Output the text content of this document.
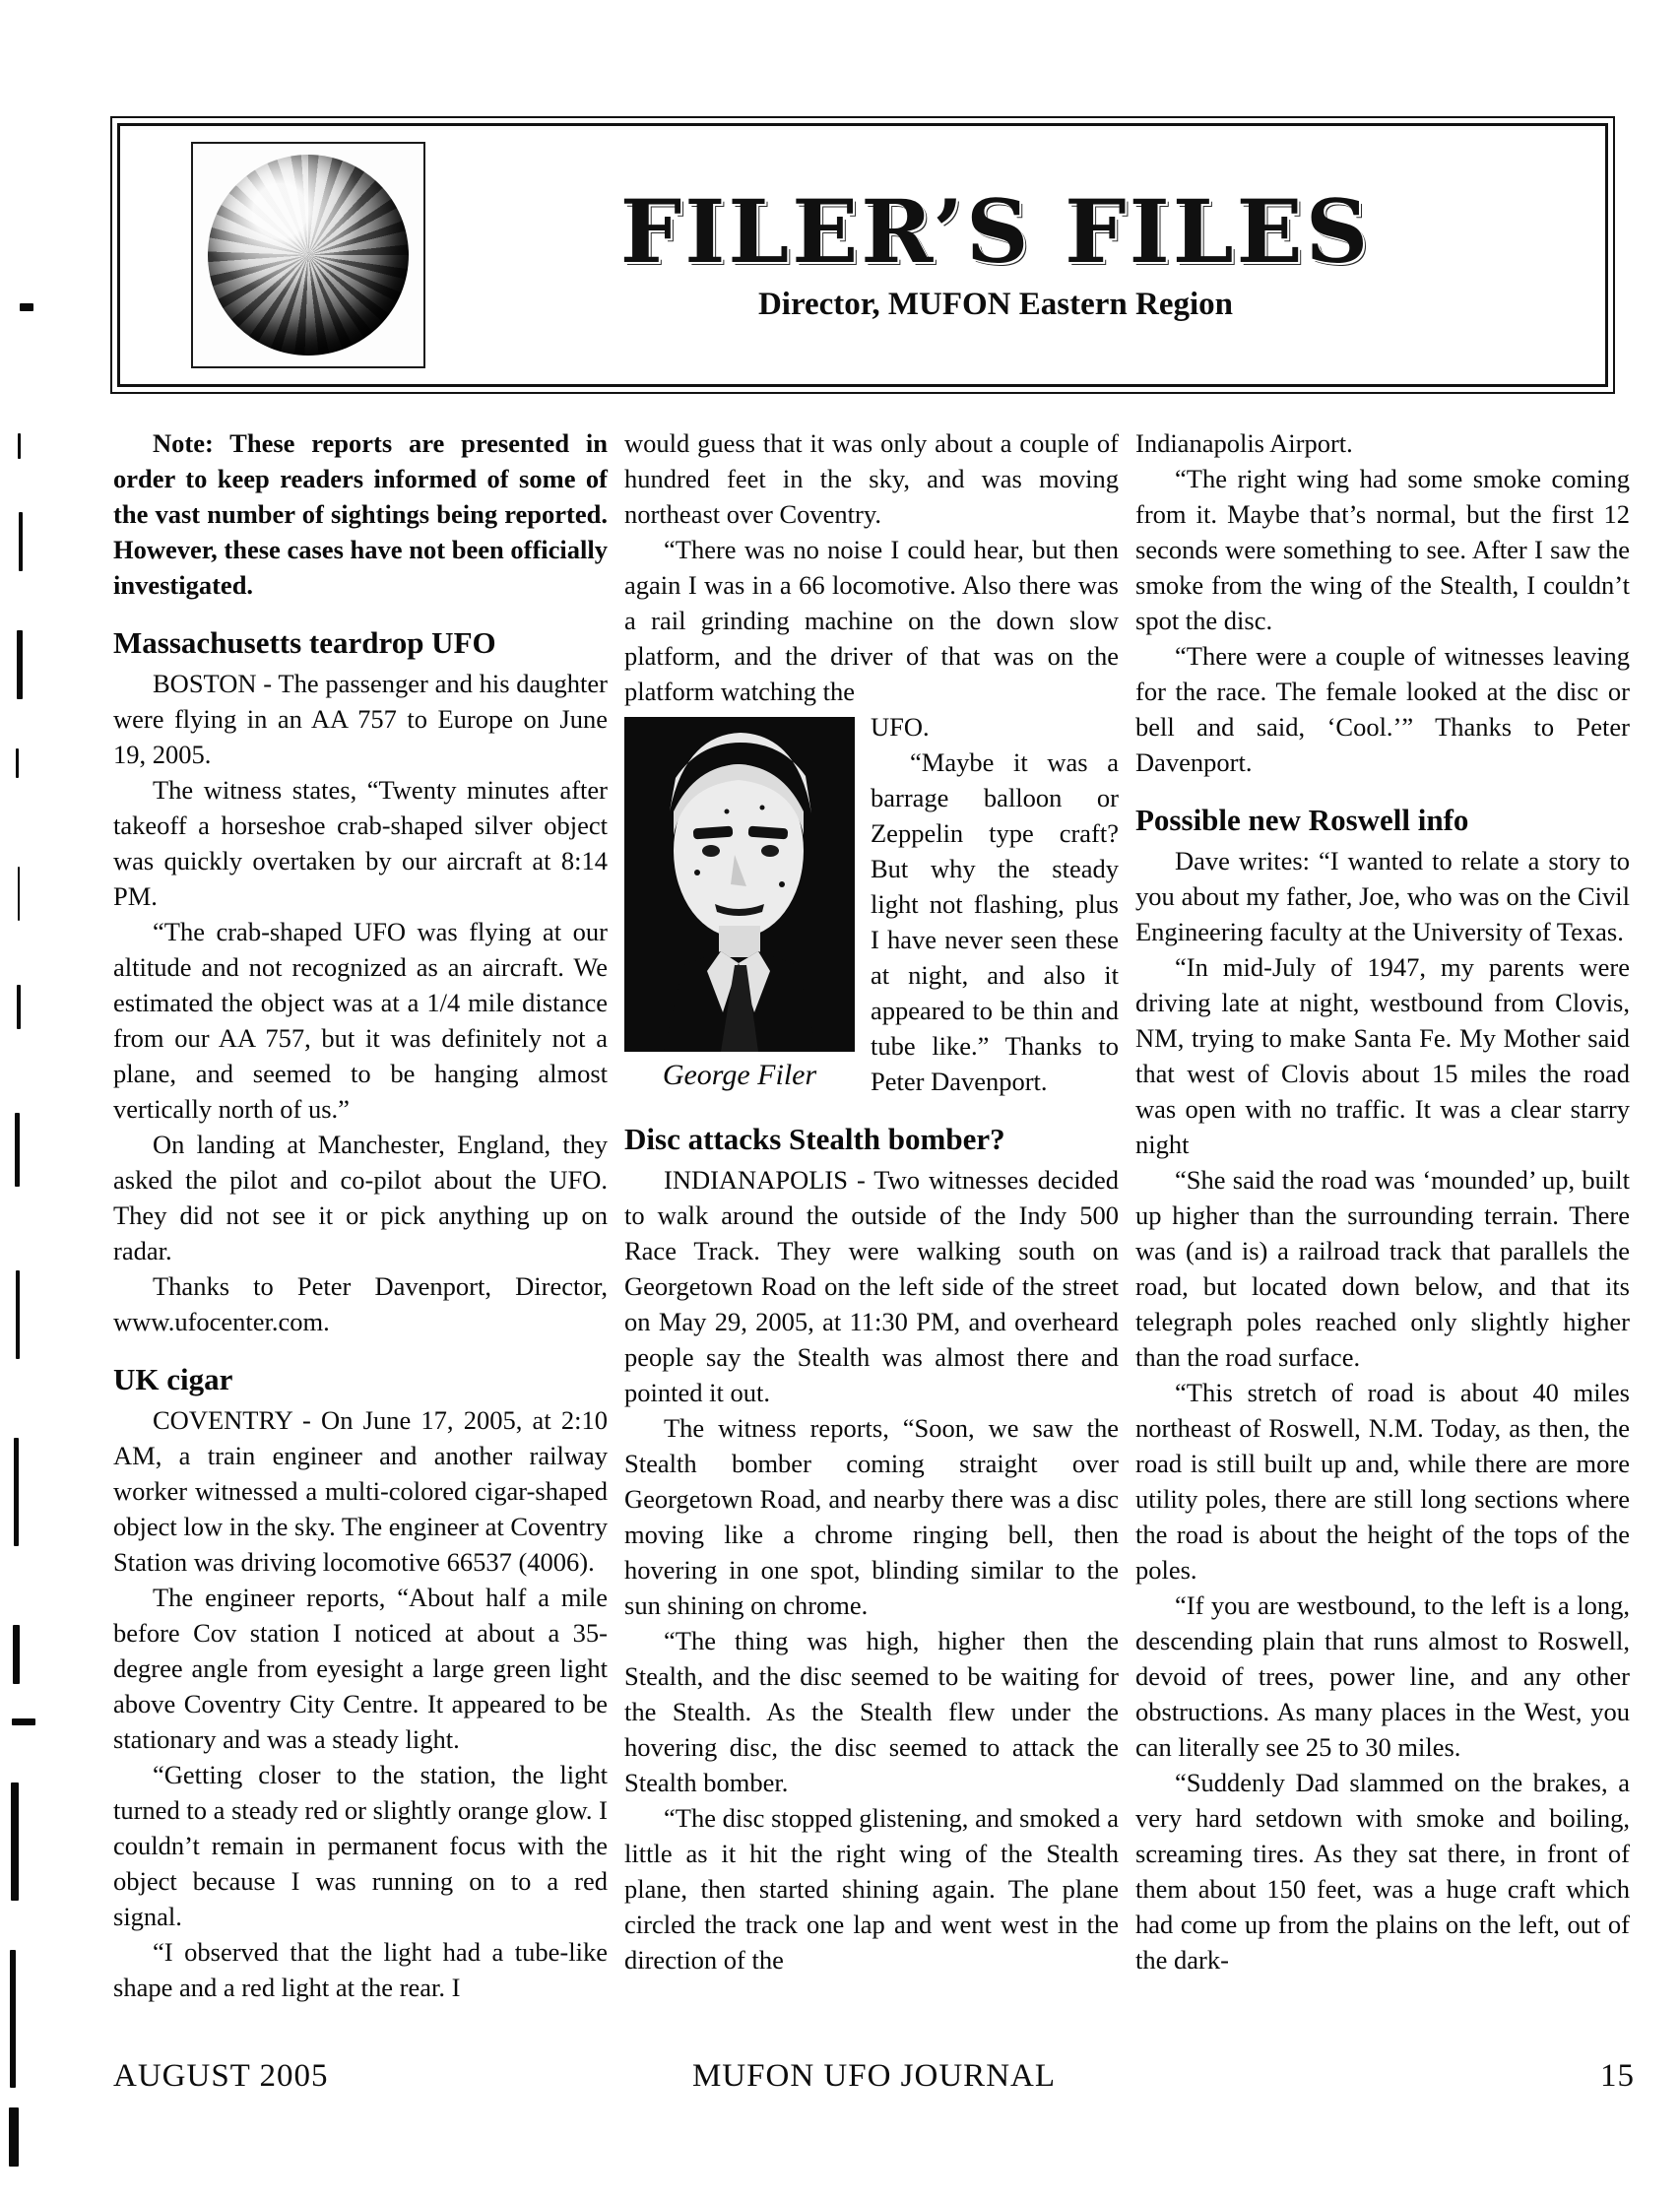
FILER’S FILES
Director, MUFON Eastern Region

Note: These reports are presented in order to keep readers informed of some of the vast number of sightings being reported. However, these cases have not been officially investigated.

Massachusetts teardrop UFO

BOSTON - The passenger and his daughter were flying in an AA 757 to Europe on June 19, 2005.

The witness states, “Twenty minutes after takeoff a horseshoe crab-shaped silver object was quickly overtaken by our aircraft at 8:14 PM.

“The crab-shaped UFO was flying at our altitude and not recognized as an aircraft. We estimated the object was at a 1/4 mile distance from our AA 757, but it was definitely not a plane, and seemed to be hanging almost vertically north of us.”

On landing at Manchester, England, they asked the pilot and co-pilot about the UFO. They did not see it or pick anything up on radar.

Thanks to Peter Davenport, Director, www.ufocenter.com.

UK cigar

COVENTRY - On June 17, 2005, at 2:10 AM, a train engineer and another railway worker witnessed a multi-colored cigar-shaped object low in the sky. The engineer at Coventry Station was driving locomotive 66537 (4006).

The engineer reports, “About half a mile before Cov station I noticed at about a 35-degree angle from eyesight a large green light above Coventry City Centre. It appeared to be stationary and was a steady light.

“Getting closer to the station, the light turned to a steady red or slightly orange glow. I couldn’t remain in permanent focus with the object because I was running on to a red signal.

“I observed that the light had a tube-like shape and a red light at the rear. I

would guess that it was only about a couple of hundred feet in the sky, and was moving northeast over Coventry.

“There was no noise I could hear, but then again I was in a 66 locomotive. Also there was a rail grinding machine on the down slow platform, and the driver of that was on the platform watching the

George Filer

UFO.

“Maybe it was a barrage balloon or Zeppelin type craft? But why the steady light not flashing, plus I have never seen these at night, and also it appeared to be thin and tube like.” Thanks to Peter Davenport.

Disc attacks Stealth bomber?

INDIANAPOLIS - Two witnesses decided to walk around the outside of the Indy 500 Race Track. They were walking south on Georgetown Road on the left side of the street on May 29, 2005, at 11:30 PM, and overheard people say the Stealth was almost there and pointed it out.

The witness reports, “Soon, we saw the Stealth bomber coming straight over Georgetown Road, and nearby there was a disc moving like a chrome ringing bell, then hovering in one spot, blinding similar to the sun shining on chrome.

“The thing was high, higher then the Stealth, and the disc seemed to be waiting for the Stealth. As the Stealth flew under the hovering disc, the disc seemed to attack the Stealth bomber.

“The disc stopped glistening, and smoked a little as it hit the right wing of the Stealth plane, then started shining again. The plane circled the track one lap and went west in the direction of the

Indianapolis Airport.

“The right wing had some smoke coming from it. Maybe that’s normal, but the first 12 seconds were something to see. After I saw the smoke from the wing of the Stealth, I couldn’t spot the disc.

“There were a couple of witnesses leaving for the race. The female looked at the disc or bell and said, ‘Cool.’” Thanks to Peter Davenport.

Possible new Roswell info

Dave writes: “I wanted to relate a story to you about my father, Joe, who was on the Civil Engineering faculty at the University of Texas.

“In mid-July of 1947, my parents were driving late at night, westbound from Clovis, NM, trying to make Santa Fe. My Mother said that west of Clovis about 15 miles the road was open with no traffic. It was a clear starry night

“She said the road was ‘mounded’ up, built up higher than the surrounding terrain. There was (and is) a railroad track that parallels the road, but located down below, and that its telegraph poles reached only slightly higher than the road surface.

“This stretch of road is about 40 miles northeast of Roswell, N.M. Today, as then, the road is still built up and, while there are more utility poles, there are still long sections where the road is about the height of the tops of the poles.

“If you are westbound, to the left is a long, descending plain that runs almost to Roswell, devoid of trees, power line, and any other obstructions. As many places in the West, you can literally see 25 to 30 miles.

“Suddenly Dad slammed on the brakes, a very hard setdown with smoke and boiling, screaming tires. As they sat there, in front of them about 150 feet, was a huge craft which had come up from the plains on the left, out of the dark-

AUGUST 2005	MUFON UFO JOURNAL	15
